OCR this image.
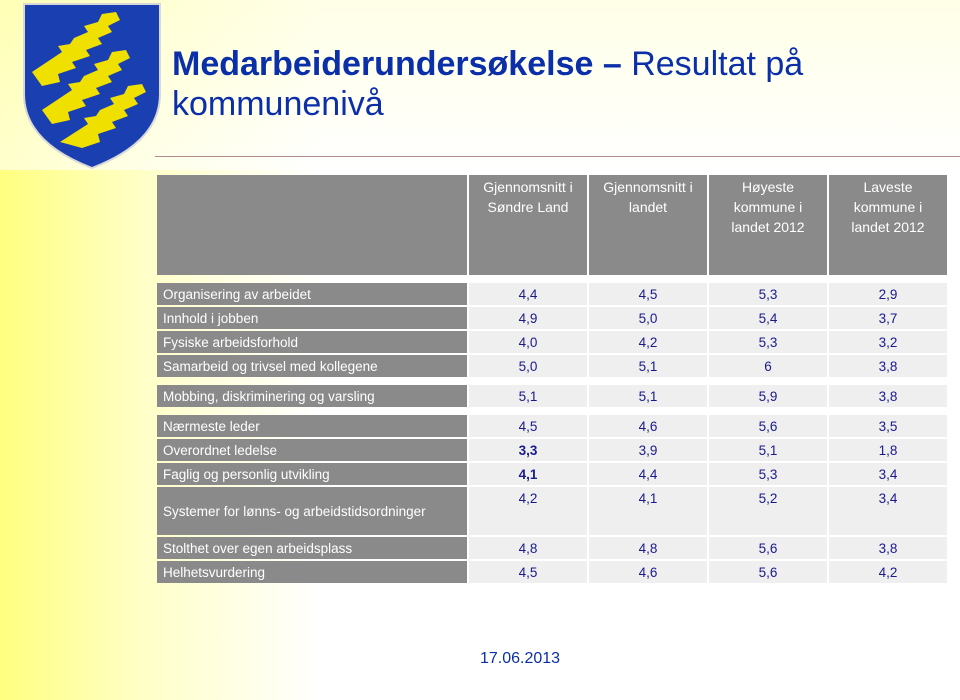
Medarbeiderundersøkelse – Resultat på kommunenivå
	Gjennomsnitt i Søndre Land	Gjennomsnitt i landet	Høyeste kommune i landet 2012	Laveste kommune i landet 2012

Organisering av arbeidet	4,4	4,5	5,3	2,9
Innhold i jobben	4,9	5,0	5,4	3,7
Fysiske arbeidsforhold	4,0	4,2	5,3	3,2
Samarbeid og trivsel med kollegene	5,0	5,1	6	3,8

Mobbing, diskriminering og varsling	5,1	5,1	5,9	3,8

Nærmeste leder	4,5	4,6	5,6	3,5
Overordnet ledelse	3,3	3,9	5,1	1,8
Faglig og personlig utvikling	4,1	4,4	5,3	3,4
Systemer for lønns- og arbeidstidsordninger	4,2	4,1	5,2	3,4
Stolthet over egen arbeidsplass	4,8	4,8	5,6	3,8
Helhetsvurdering	4,5	4,6	5,6	4,2
17.06.2013
